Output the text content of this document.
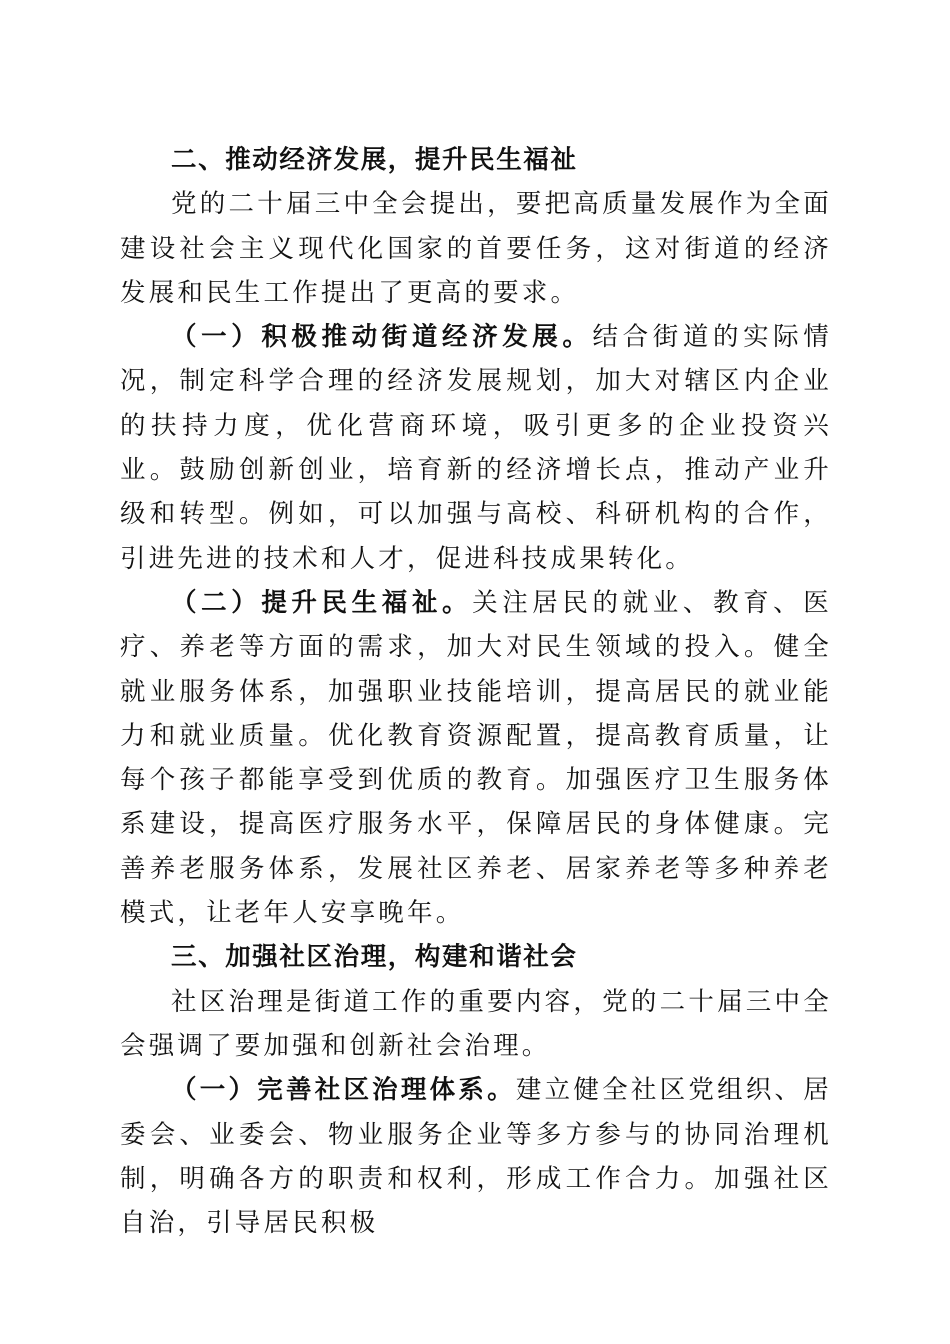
二、推动经济发展，提升民生福祉

党的二十届三中全会提出，要把高质量发展作为全面建设社会主义现代化国家的首要任务，这对街道的经济发展和民生工作提出了更高的要求。

（一）积极推动街道经济发展。结合街道的实际情况，制定科学合理的经济发展规划，加大对辖区内企业的扶持力度，优化营商环境，吸引更多的企业投资兴业。鼓励创新创业，培育新的经济增长点，推动产业升级和转型。例如，可以加强与高校、科研机构的合作，引进先进的技术和人才，促进科技成果转化。

（二）提升民生福祉。关注居民的就业、教育、医疗、养老等方面的需求，加大对民生领域的投入。健全就业服务体系，加强职业技能培训，提高居民的就业能力和就业质量。优化教育资源配置，提高教育质量，让每个孩子都能享受到优质的教育。加强医疗卫生服务体系建设，提高医疗服务水平，保障居民的身体健康。完善养老服务体系，发展社区养老、居家养老等多种养老模式，让老年人安享晚年。

三、加强社区治理，构建和谐社会

社区治理是街道工作的重要内容，党的二十届三中全会强调了要加强和创新社会治理。

（一）完善社区治理体系。建立健全社区党组织、居委会、业委会、物业服务企业等多方参与的协同治理机制，明确各方的职责和权利，形成工作合力。加强社区自治，引导居民积极
